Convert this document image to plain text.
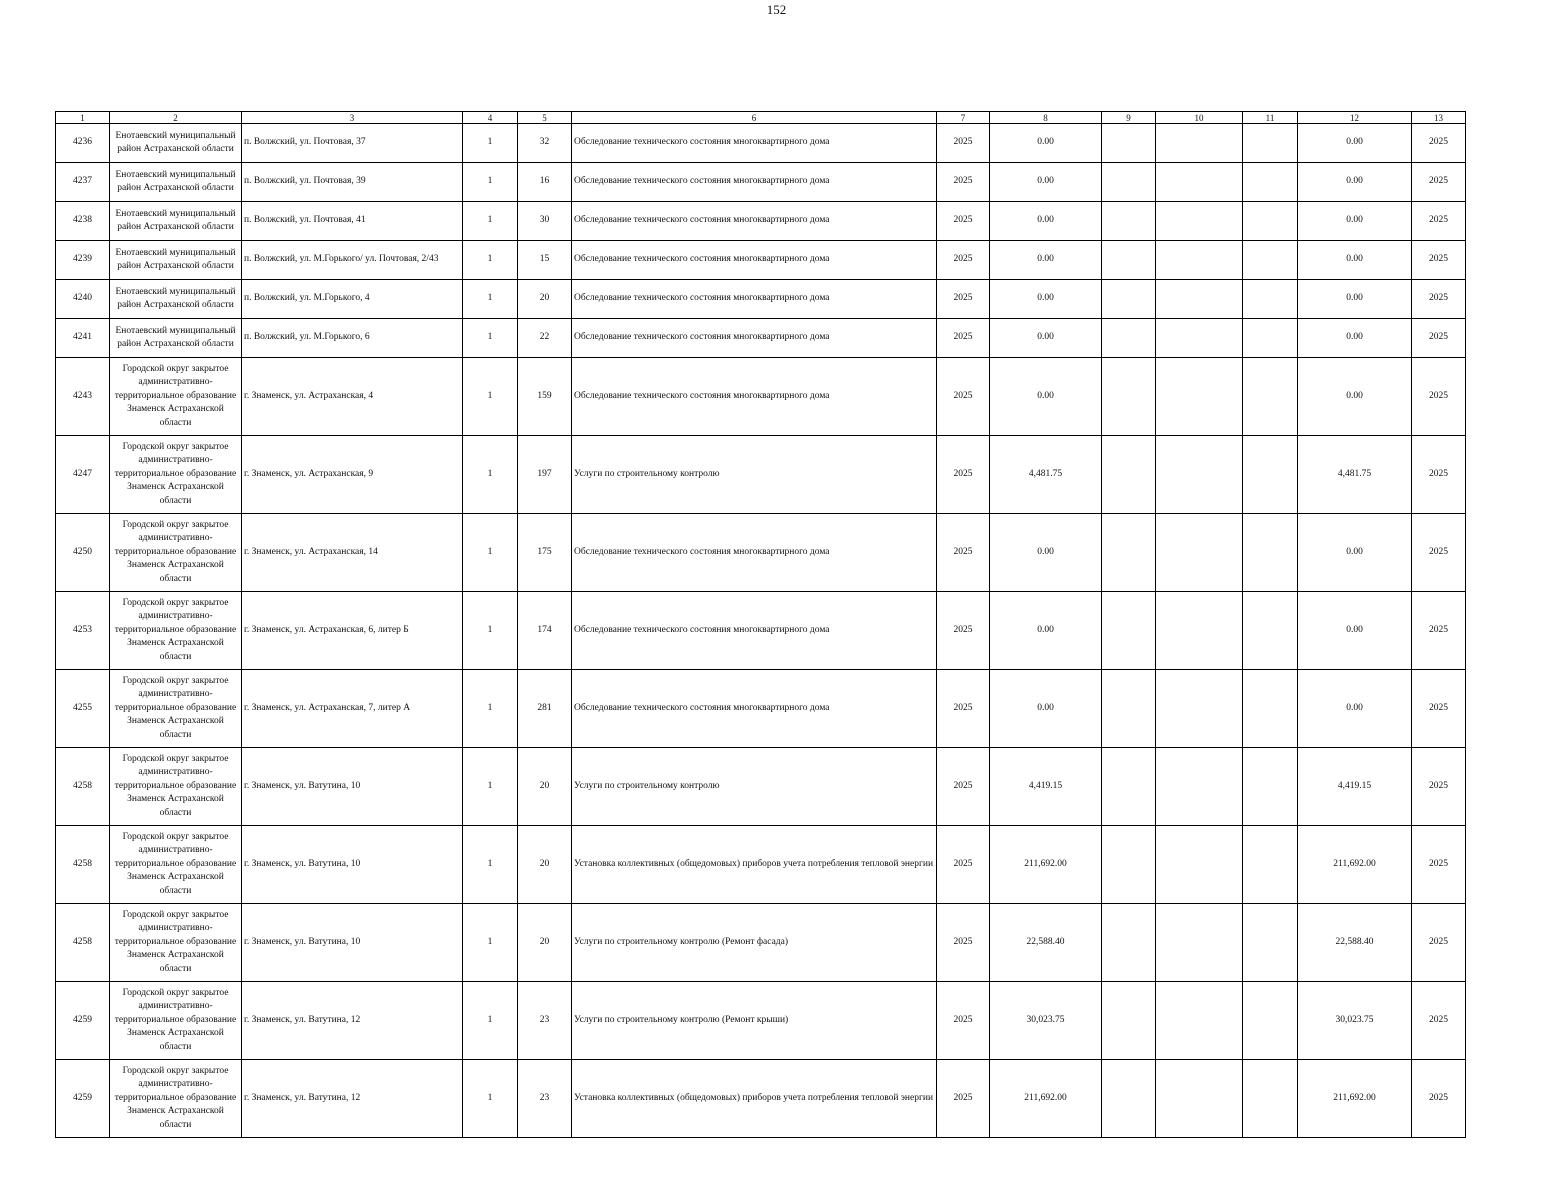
152
1	2	3	4	5	6	7	8	9	10	11	12	13
4236	Енотаевский муниципальный район Астраханской области	п. Волжский, ул. Почтовая, 37	1	32	Обследование технического состояния многоквартирного дома	2025	0.00				0.00	2025
4237	Енотаевский муниципальный район Астраханской области	п. Волжский, ул. Почтовая, 39	1	16	Обследование технического состояния многоквартирного дома	2025	0.00				0.00	2025
4238	Енотаевский муниципальный район Астраханской области	п. Волжский, ул. Почтовая, 41	1	30	Обследование технического состояния многоквартирного дома	2025	0.00				0.00	2025
4239	Енотаевский муниципальный район Астраханской области	п. Волжский, ул. М.Горького/ ул. Почтовая, 2/43	1	15	Обследование технического состояния многоквартирного дома	2025	0.00				0.00	2025
4240	Енотаевский муниципальный район Астраханской области	п. Волжский, ул. М.Горького, 4	1	20	Обследование технического состояния многоквартирного дома	2025	0.00				0.00	2025
4241	Енотаевский муниципальный район Астраханской области	п. Волжский, ул. М.Горького, 6	1	22	Обследование технического состояния многоквартирного дома	2025	0.00				0.00	2025
4243	Городской округ закрытое административно-территориальное образование Знаменск Астраханской области	г. Знаменск, ул. Астраханская, 4	1	159	Обследование технического состояния многоквартирного дома	2025	0.00				0.00	2025
4247	Городской округ закрытое административно-территориальное образование Знаменск Астраханской области	г. Знаменск, ул. Астраханская, 9	1	197	Услуги по строительному контролю	2025	4,481.75				4,481.75	2025
4250	Городской округ закрытое административно-территориальное образование Знаменск Астраханской области	г. Знаменск, ул. Астраханская, 14	1	175	Обследование технического состояния многоквартирного дома	2025	0.00				0.00	2025
4253	Городской округ закрытое административно-территориальное образование Знаменск Астраханской области	г. Знаменск, ул. Астраханская, 6, литер Б	1	174	Обследование технического состояния многоквартирного дома	2025	0.00				0.00	2025
4255	Городской округ закрытое административно-территориальное образование Знаменск Астраханской области	г. Знаменск, ул. Астраханская, 7, литер А	1	281	Обследование технического состояния многоквартирного дома	2025	0.00				0.00	2025
4258	Городской округ закрытое административно-территориальное образование Знаменск Астраханской области	г. Знаменск, ул. Ватутина, 10	1	20	Услуги по строительному контролю	2025	4,419.15				4,419.15	2025
4258	Городской округ закрытое административно-территориальное образование Знаменск Астраханской области	г. Знаменск, ул. Ватутина, 10	1	20	Установка коллективных (общедомовых) приборов учета потребления тепловой энергии	2025	211,692.00				211,692.00	2025
4258	Городской округ закрытое административно-территориальное образование Знаменск Астраханской области	г. Знаменск, ул. Ватутина, 10	1	20	Услуги по строительному контролю (Ремонт фасада)	2025	22,588.40				22,588.40	2025
4259	Городской округ закрытое административно-территориальное образование Знаменск Астраханской области	г. Знаменск, ул. Ватутина, 12	1	23	Услуги по строительному контролю (Ремонт крыши)	2025	30,023.75				30,023.75	2025
4259	Городской округ закрытое административно-территориальное образование Знаменск Астраханской области	г. Знаменск, ул. Ватутина, 12	1	23	Установка коллективных (общедомовых) приборов учета потребления тепловой энергии	2025	211,692.00				211,692.00	2025
